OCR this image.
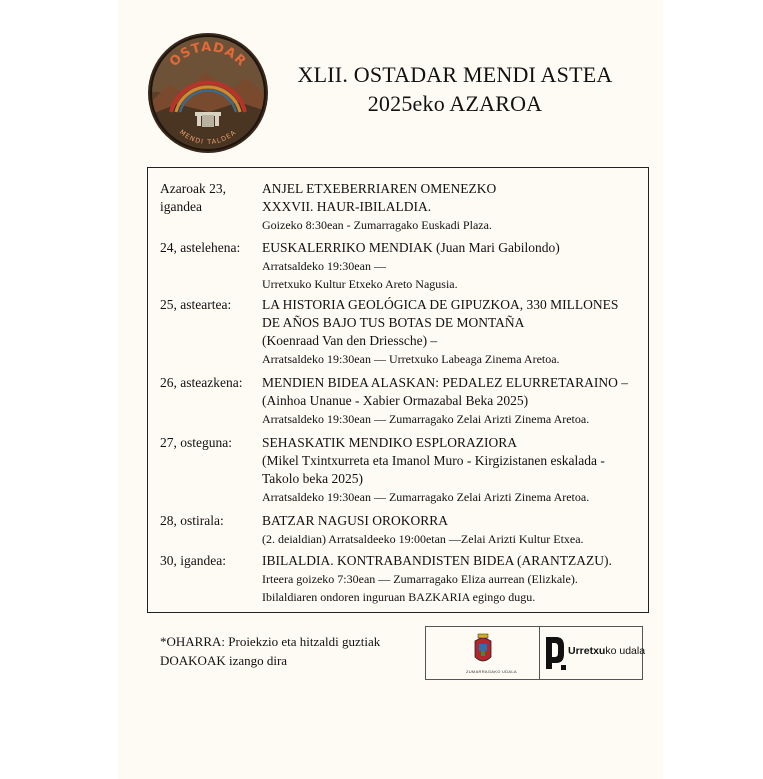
OSTADAR
MENDI TALDEA
XLII. OSTADAR MENDI ASTEA
2025eko AZAROA
Azaroak 23,
igandea
ANJEL ETXEBERRIAREN OMENEZKO
XXXVII. HAUR-IBILALDIA.
Goizeko 8:30ean - Zumarragako Euskadi Plaza.
24, astelehena: EUSKALERRIKO MENDIAK (Juan Mari Gabilondo)
Arratsaldeko 19:30ean —
Urretxuko Kultur Etxeko Areto Nagusia.
25, asteartea: LA HISTORIA GEOLÓGICA DE GIPUZKOA, 330 MILLONES
DE AÑOS BAJO TUS BOTAS DE MONTAÑA
(Koenraad Van den Driessche) –
Arratsaldeko 19:30ean — Urretxuko Labeaga Zinema Aretoa.
26, asteazkena: MENDIEN BIDEA ALASKAN: PEDALEZ ELURRETARAINO –
(Ainhoa Unanue - Xabier Ormazabal Beka 2025)
Arratsaldeko 19:30ean — Zumarragako Zelai Arizti Zinema Aretoa.
27, osteguna: SEHASKATIK MENDIKO ESPLORAZIORA
(Mikel Txintxurreta eta Imanol Muro - Kirgizistanen eskalada -
Takolo beka 2025)
Arratsaldeko 19:30ean — Zumarragako Zelai Arizti Zinema Aretoa.
28, ostirala:	BATZAR NAGUSI OROKORRA
(2. deialdian) Arratsaldeeko 19:00etan —Zelai Arizti Kultur Etxea.
30, igandea:	IBILALDIA. KONTRABANDISTEN BIDEA (ARANTZAZU).
Irteera goizeko 7:30ean — Zumarragako Eliza aurrean (Elizkale).
Ibilaldiaren ondoren inguruan BAZKARIA egingo dugu.
*OHARRA: Proiekzio eta hitzaldi guztiak
DOAKOAK izango dira
ZUMARRAGAKO UDALA
Urretxuko udala
